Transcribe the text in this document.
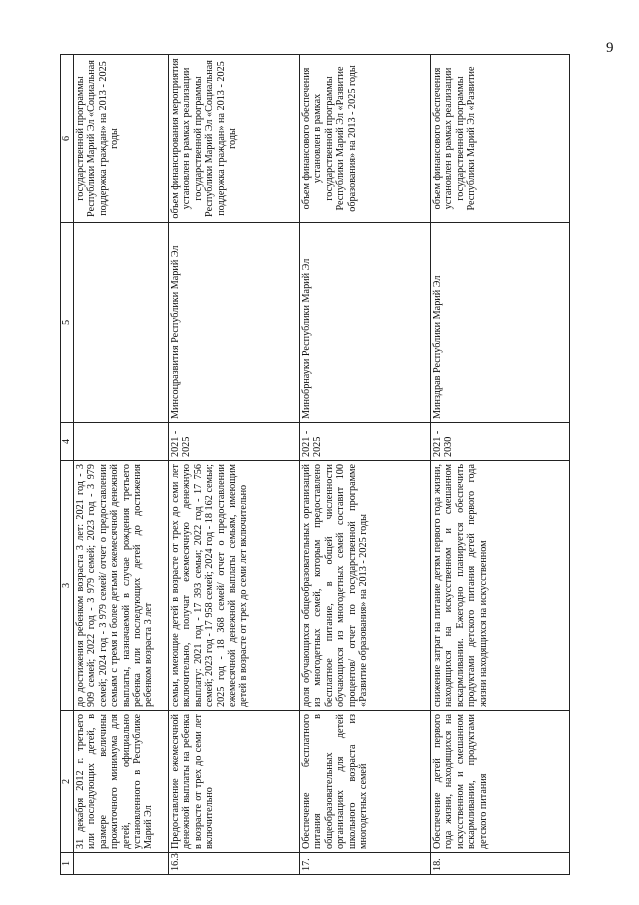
9
1	2	3	4	5	6
	31 декабря 2012 г. третьего или последующих детей, в размере величины прожиточного минимума для детей, официально установленного в Республике Марий Эл	до достижения ребенком возраста 3 лет: 2021 год - 3 909 семей; 2022 год - 3 979 семей; 2023 год - 3 979 семей; 2024 год - 3 979 семей/ отчет о предоставлении семьям с тремя и более детьми ежемесячной денежной выплаты, назначаемой в случае рождения третьего ребенка или последующих детей до достижения ребенком возраста 3 лет			государственной программы Республики Марий Эл «Социальная поддержка граждан» на 2013 - 2025 годы
16.3	Предоставление ежемесячной денежной выплаты на ребенка в возрасте от трех до семи лет включительно	семьи, имеющие детей в возрасте от трех до семи лет включительно, получат ежемесячную денежную выплату: 2021 год - 17 393 семьи; 2022 год - 17 756 семей; 2023 год - 17 958 семей; 2024 год - 18 162 семьи; 2025 год - 18 368 семей/ отчет о предоставлении ежемесячной денежной выплаты семьям, имеющим детей в возрасте от трех до семи лет включительно	2021 - 2025	Минсоцразвития Республики Марий Эл	объем финансирования мероприятия установлен в рамках реализации государственной программы Республики Марий Эл «Социальная поддержка граждан» на 2013 - 2025 годы
17.	Обеспечение бесплатного питания в общеобразовательных организациях для детей школьного возраста из многодетных семей	доля обучающихся общеобразовательных организаций из многодетных семей, которым предоставлено бесплатное питание, в общей численности обучающихся из многодетных семей составит 100 процентов/ отчет по государственной программе «Развитие образования» на 2013 - 2025 годы	2021 - 2025	Минобрнауки Республики Марий Эл	объем финансового обеспечения установлен в рамках государственной программы Республики Марий Эл «Развитие образования» на 2013 - 2025 годы
18.	Обеспечение детей первого года жизни, находящихся на искусственном и смешанном вскармливании, продуктами детского питания	снижение затрат на питание детям первого года жизни, находящихся на искусственном и смешанном вскармливании. Ежегодно планируется обеспечить продуктами детского питания детей первого года жизни находящихся на искусственном	2021 - 2030	Минздрав Республики Марий Эл	объем финансового обеспечения установлен в рамках реализации государственной программы Республики Марий Эл «Развитие
